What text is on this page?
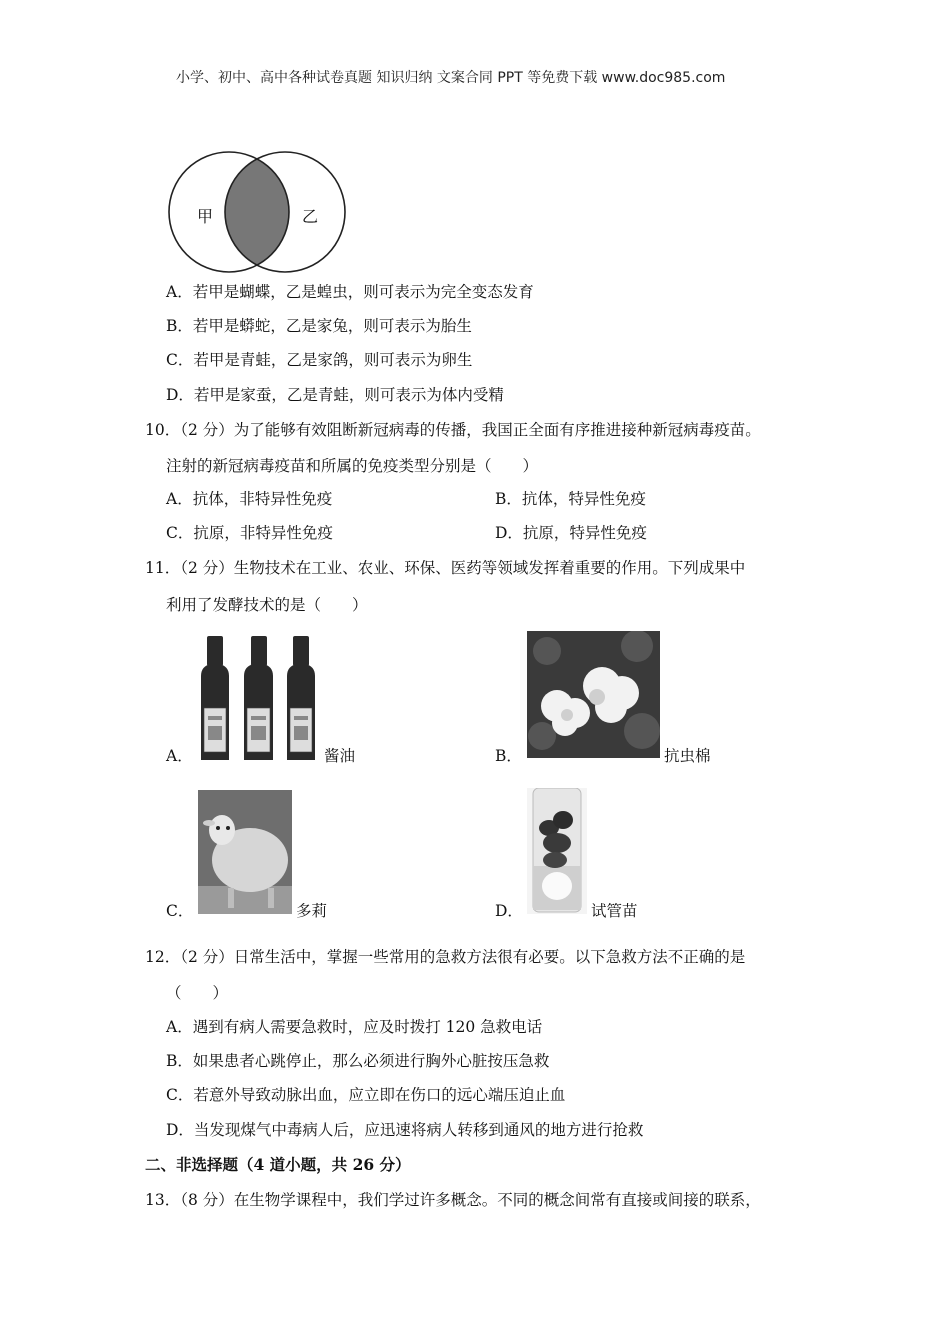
小学、初中、高中各种试卷真题 知识归纳 文案合同 PPT 等免费下载 www.doc985.com
甲	乙
A．若甲是蝴蝶，乙是蝗虫，则可表示为完全变态发育
B．若甲是蟒蛇，乙是家兔，则可表示为胎生
C．若甲是青蛙，乙是家鸽，则可表示为卵生
D．若甲是家蚕，乙是青蛙，则可表示为体内受精
10．（2 分）为了能够有效阻断新冠病毒的传播，我国正全面有序推进接种新冠病毒疫苗。
注射的新冠病毒疫苗和所属的免疫类型分别是（　　）
A．抗体，非特异性免疫	B．抗体，特异性免疫
C．抗原，非特异性免疫	D．抗原，特异性免疫
11．（2 分）生物技术在工业、农业、环保、医药等领域发挥着重要的作用。下列成果中
利用了发酵技术的是（　　）
A．	酱油	B．	抗虫棉
C．	多莉	D．	试管苗
12．（2 分）日常生活中，掌握一些常用的急救方法很有必要。以下急救方法不正确的是
（　　）
A．遇到有病人需要急救时，应及时拨打 120 急救电话
B．如果患者心跳停止，那么必须进行胸外心脏按压急救
C．若意外导致动脉出血，应立即在伤口的远心端压迫止血
D．当发现煤气中毒病人后，应迅速将病人转移到通风的地方进行抢救
二、非选择题（4 道小题，共 26 分）
13．（8 分）在生物学课程中，我们学过许多概念。不同的概念间常有直接或间接的联系，
